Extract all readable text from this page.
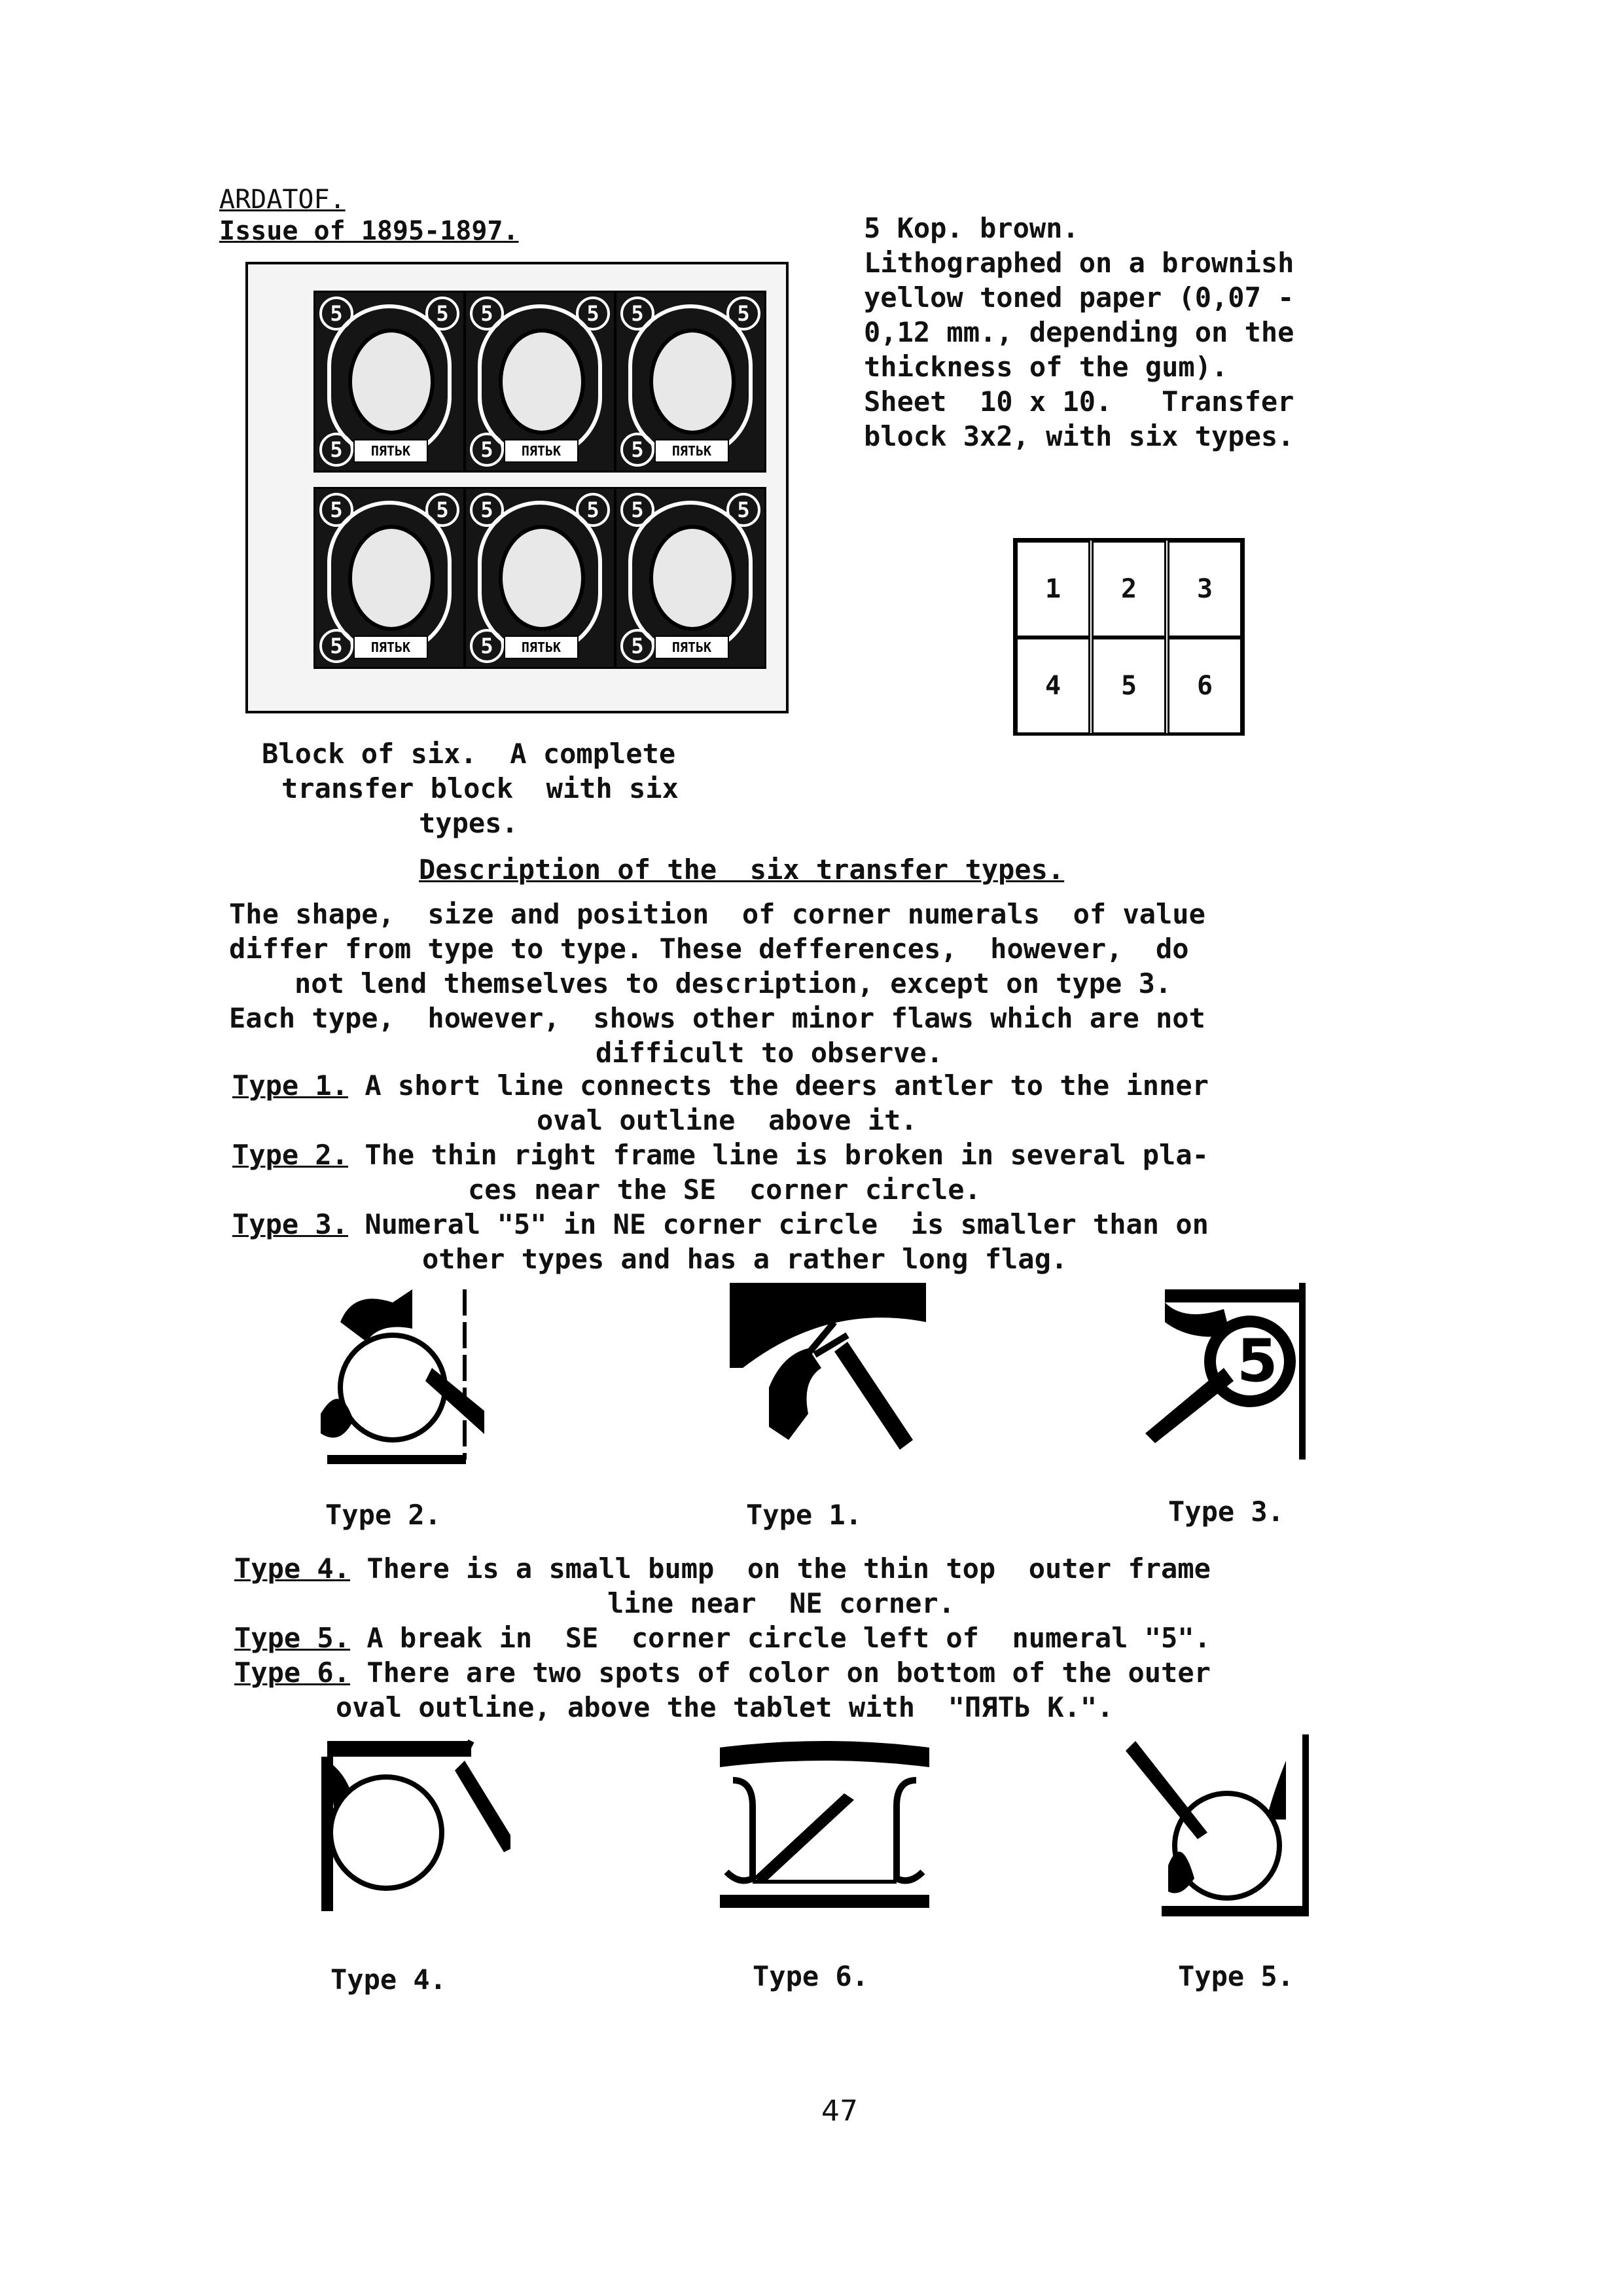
ARDATOF.
Issue of 1895-1897.	5 Kop. brown.
Lithographed on a brownish
yellow toned paper (0,07 -
0,12 mm., depending on the
thickness of the gum).
Sheet  10 x 10.   Transfer
block 3x2, with six types.
5	5
5	ПЯТЬК
5	5
5	ПЯТЬК
5	5
5	ПЯТЬК
5	5
5	ПЯТЬК
5	5
5	ПЯТЬК
5	5
5	ПЯТЬК
1	2	3
4	5	6
Block of six.  A complete
transfer block  with six
types.
Description of the  six transfer types.
The shape,  size and position  of corner numerals  of value
differ from type to type. These defferences,  however,  do
not lend themselves to description, except on type 3.
Each type,  however,  shows other minor flaws which are not
difficult to observe.
Type 1. A short line connects the deers antler to the inner
oval outline  above it.
Type 2. The thin right frame line is broken in several pla-
ces near the SE  corner circle.
Type 3. Numeral "5" in NE corner circle  is smaller than on
other types and has a rather long flag.
5
Type 2.	Type 1.	Type 3.
Type 4. There is a small bump  on the thin top  outer frame
line near  NE corner.
Type 5. A break in  SE  corner circle left of  numeral "5".
Type 6. There are two spots of color on bottom of the outer
oval outline, above the tablet with  "ПЯТЬ К.".
Type 4.	Type 6.	Type 5.
47
